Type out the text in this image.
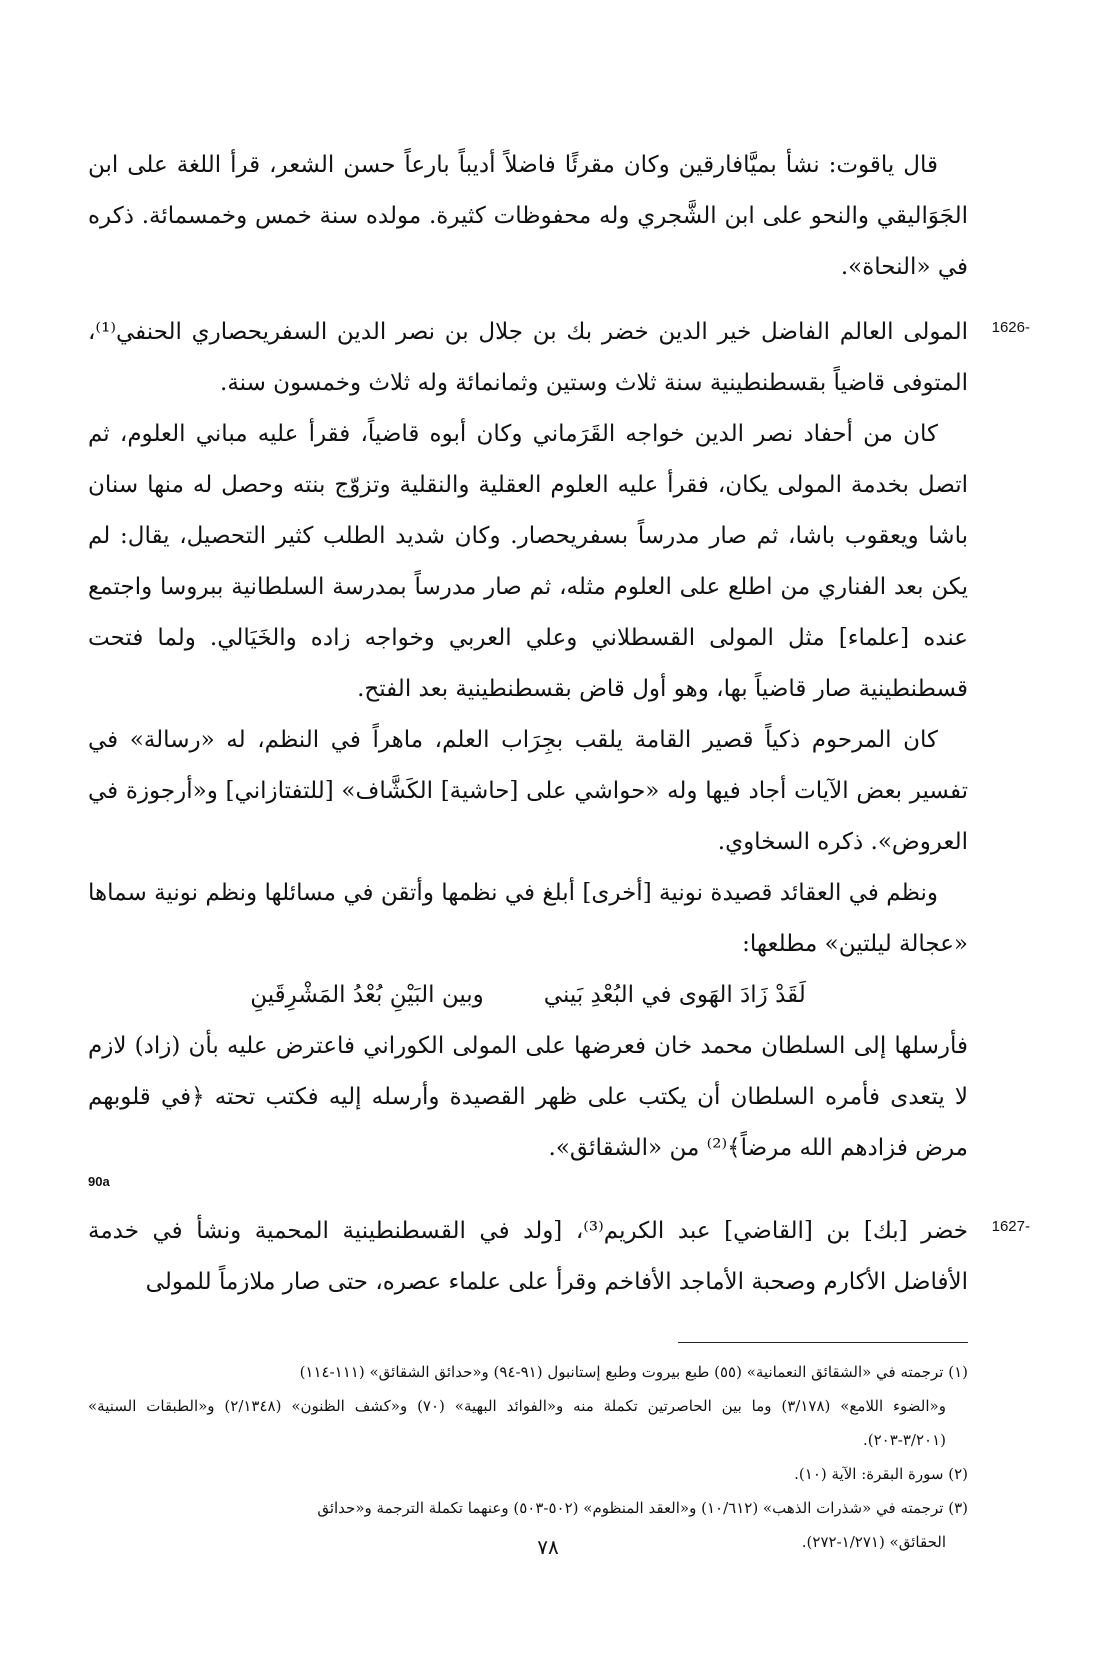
قال ياقوت: نشأ بميَّافارقين وكان مقرئًا فاضلاً أديباً بارعاً حسن الشعر، قرأ اللغة على ابن الجَوَاليقي والنحو على ابن الشَّجري وله محفوظات كثيرة. مولده سنة خمس وخمسمائة. ذكره في «النحاة».

1626-

المولى العالم الفاضل خير الدين خضر بك بن جلال بن نصر الدين السفريحصاري الحنفي⁽¹⁾، المتوفى قاضياً بقسطنطينية سنة ثلاث وستين وثمانمائة وله ثلاث وخمسون سنة.

كان من أحفاد نصر الدين خواجه القَرَماني وكان أبوه قاضياً، فقرأ عليه مباني العلوم، ثم اتصل بخدمة المولى يكان، فقرأ عليه العلوم العقلية والنقلية وتزوّج بنته وحصل له منها سنان باشا ويعقوب باشا، ثم صار مدرساً بسفريحصار. وكان شديد الطلب كثير التحصيل، يقال: لم يكن بعد الفناري من اطلع على العلوم مثله، ثم صار مدرساً بمدرسة السلطانية ببروسا واجتمع عنده [علماء] مثل المولى القسطلاني وعلي العربي وخواجه زاده والخَيَالي. ولما فتحت قسطنطينية صار قاضياً بها، وهو أول قاض بقسطنطينية بعد الفتح.

كان المرحوم ذكياً قصير القامة يلقب بجِرَاب العلم، ماهراً في النظم، له «رسالة» في تفسير بعض الآيات أجاد فيها وله «حواشي على [حاشية] الكَشَّاف» [للتفتازاني] و«أرجوزة في العروض». ذكره السخاوي.

ونظم في العقائد قصيدة نونية [أخرى] أبلغ في نظمها وأتقن في مسائلها ونظم نونية سماها «عجالة ليلتين» مطلعها:

لَقَدْ زَادَ الهَوى في البُعْدِ بَيني
وبين البَيْنِ بُعْدُ المَشْرِقَينِ

فأرسلها إلى السلطان محمد خان فعرضها على المولى الكوراني فاعترض عليه بأن (زاد) لازم لا يتعدى فأمره السلطان أن يكتب على ظهر القصيدة وأرسله إليه فكتب تحته ﴿في قلوبهم مرض فزادهم الله مرضاً﴾⁽²⁾ من «الشقائق».

90a
1627-

خضر [بك] بن [القاضي] عبد الكريم⁽³⁾، [ولد في القسطنطينية المحمية ونشأ في خدمة الأفاضل الأكارم وصحبة الأماجد الأفاخم وقرأ على علماء عصره، حتى صار ملازماً للمولى

(١) ترجمته في «الشقائق النعمانية» (٥٥) طبع بيروت وطبع إستانبول (٩١-٩٤) و«حدائق الشقائق» (١١١-١١٤)

و«الضوء اللامع» (٣/١٧٨) وما بين الحاصرتين تكملة منه و«الفوائد البهية» (٧٠) و«كشف الظنون» (٢/١٣٤٨) و«الطبقات السنية» (٣/٢٠١-٢٠٣).

(٢) سورة البقرة: الآية (١٠).

(٣) ترجمته في «شذرات الذهب» (١٠/٦١٢) و«العقد المنظوم» (٥٠٢-٥٠٣) وعنهما تكملة الترجمة و«حدائق

الحقائق» (١/٢٧١-٢٧٢).

٧٨
